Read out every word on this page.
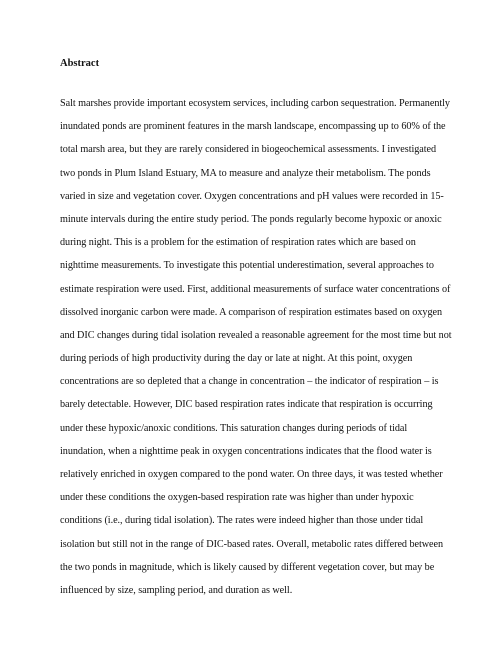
Abstract
Salt marshes provide important ecosystem services, including carbon sequestration. Permanently
inundated ponds are prominent features in the marsh landscape, encompassing up to 60% of the
total marsh area, but they are rarely considered in biogeochemical assessments. I investigated
two ponds in Plum Island Estuary, MA to measure and analyze their metabolism. The ponds
varied in size and vegetation cover. Oxygen concentrations and pH values were recorded in 15-
minute intervals during the entire study period. The ponds regularly become hypoxic or anoxic
during night. This is a problem for the estimation of respiration rates which are based on
nighttime measurements. To investigate this potential underestimation, several approaches to
estimate respiration were used. First, additional measurements of surface water concentrations of
dissolved inorganic carbon were made. A comparison of respiration estimates based on oxygen
and DIC changes during tidal isolation revealed a reasonable agreement for the most time but not
during periods of high productivity during the day or late at night. At this point, oxygen
concentrations are so depleted that a change in concentration – the indicator of respiration – is
barely detectable. However, DIC based respiration rates indicate that respiration is occurring
under these hypoxic/anoxic conditions. This saturation changes during periods of tidal
inundation, when a nighttime peak in oxygen concentrations indicates that the flood water is
relatively enriched in oxygen compared to the pond water. On three days, it was tested whether
under these conditions the oxygen-based respiration rate was higher than under hypoxic
conditions (i.e., during tidal isolation). The rates were indeed higher than those under tidal
isolation but still not in the range of DIC-based rates. Overall, metabolic rates differed between
the two ponds in magnitude, which is likely caused by different vegetation cover, but may be
influenced by size, sampling period, and duration as well.
